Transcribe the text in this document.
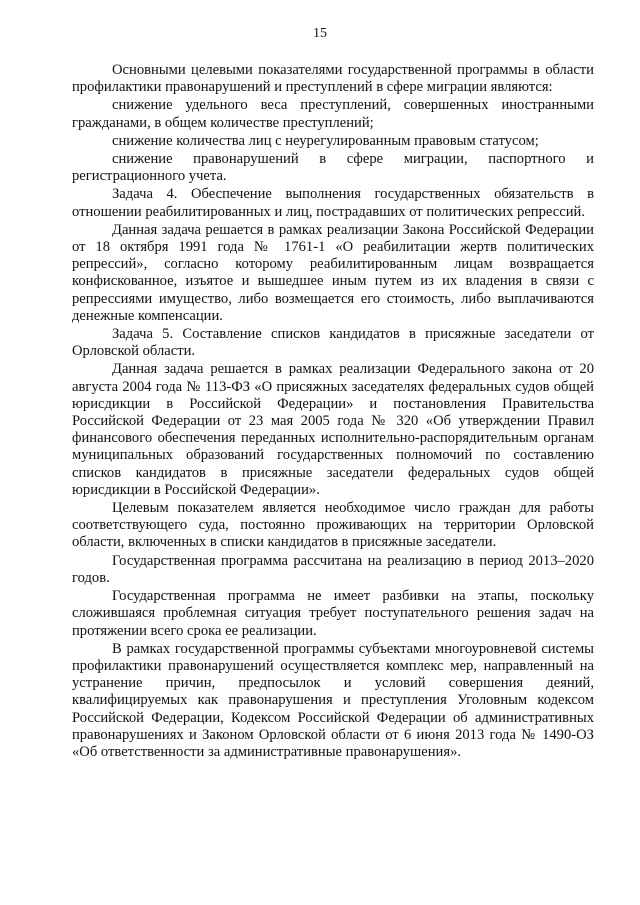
15

Основными целевыми показателями государственной программы в области профилактики правонарушений и преступлений в сфере миграции являются:

снижение удельного веса преступлений, совершенных иностранными гражданами, в общем количестве преступлений;

снижение количества лиц с неурегулированным правовым статусом;

снижение правонарушений в сфере миграции, паспортного и регистрационного учета.

Задача 4. Обеспечение выполнения государственных обязательств в отношении реабилитированных и лиц, пострадавших от политических репрессий.

Данная задача решается в рамках реализации Закона Российской Федерации от 18 октября 1991 года № 1761-1 «О реабилитации жертв политических репрессий», согласно которому реабилитированным лицам возвращается конфискованное, изъятое и вышедшее иным путем из их владения в связи с репрессиями имущество, либо возмещается его стоимость, либо выплачиваются денежные компенсации.

Задача 5. Составление списков кандидатов в присяжные заседатели от Орловской области.

Данная задача решается в рамках реализации Федерального закона от 20 августа 2004 года № 113-ФЗ «О присяжных заседателях федеральных судов общей юрисдикции в Российской Федерации» и постановления Правительства Российской Федерации от 23 мая 2005 года № 320 «Об утверждении Правил финансового обеспечения переданных исполнительно-распорядительным органам муниципальных образований государственных полномочий по составлению списков кандидатов в присяжные заседатели федеральных судов общей юрисдикции в Российской Федерации».

Целевым показателем является необходимое число граждан для работы соответствующего суда, постоянно проживающих на территории Орловской области, включенных в списки кандидатов в присяжные заседатели.

Государственная программа рассчитана на реализацию в период 2013–2020 годов.

Государственная программа не имеет разбивки на этапы, поскольку сложившаяся проблемная ситуация требует поступательного решения задач на протяжении всего срока ее реализации.

В рамках государственной программы субъектами многоуровневой системы профилактики правонарушений осуществляется комплекс мер, направленный на устранение причин, предпосылок и условий совершения деяний, квалифицируемых как правонарушения и преступления Уголовным кодексом Российской Федерации, Кодексом Российской Федерации об административных правонарушениях и Законом Орловской области от 6 июня 2013 года № 1490-ОЗ «Об ответственности за административные правонарушения».
